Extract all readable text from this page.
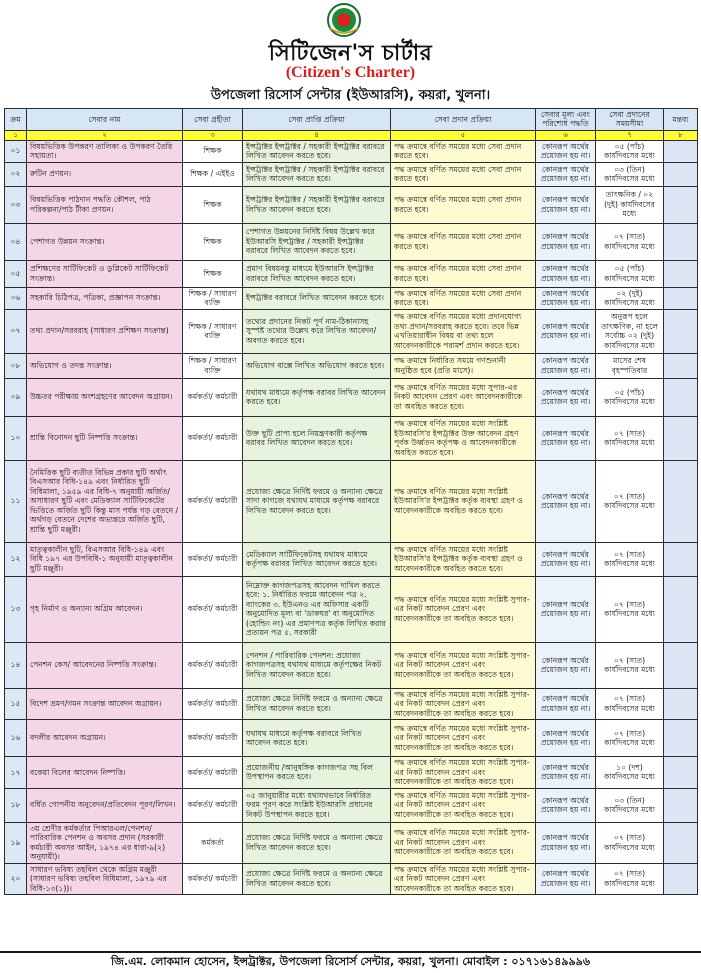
সিটিজেন'স চার্টার
(Citizen's Charter)
উপজেলা রিসোর্স সেন্টার (ইউআরসি), কয়রা, খুলনা।
ক্রম	সেবার নাম	সেবা গ্রহীতা	সেবা প্রাপ্তি প্রক্রিয়া	সেবা প্রদান প্রক্রিয়া	সেবার মূল্য এবং পরিশোধ পদ্ধতি	সেবা প্রদানের সময়সীমা	মন্তব্য
১	২	৩	৪	৫	৬	৭	৮
০১	বিষয়ভিত্তিক উপকরণ তালিকা ও উপকরণ তৈরি সহায়তা।	শিক্ষক	ইন্সট্রাক্টর ইন্সট্রাক্টর / সহকারী ইন্সট্রাক্টর বরাবরে লিখিত আবেদন করতে হবে।	পদ্ধ ক্রমান্বে বর্ণিত সময়ের মধ্যে সেবা প্রদান করতে হবে।	কোনরূপ অর্থের প্রয়োজন হয় না।	০৫ (পাঁচ) কার্যদিবসের মধ্যে	
০২	রুটিন প্রণয়ন।	শিক্ষক / এইইও	ইন্সট্রাক্টর ইন্সট্রাক্টর / সহকারী ইন্সট্রাক্টর বরাবরে লিখিত আবেদন করতে হবে।	পদ্ধ ক্রমান্বে বর্ণিত সময়ের মধ্যে সেবা প্রদান করতে হবে।	কোনরূপ অর্থের প্রয়োজন হয় না।	০৩ (তিন) কার্যদিবসের মধ্যে	
০৩	বিষয়ভিত্তিক পাঠদান পদ্ধতি কৌশল, পাঠ পরিকল্পনা/পাঠ টীকা প্রণয়ন।	শিক্ষক	ইন্সট্রাক্টর ইন্সট্রাক্টর / সহকারী ইন্সট্রাক্টর বরাবরে লিখিত আবেদন করতে হবে।	পদ্ধ ক্রমান্বে বর্ণিত সময়ের মধ্যে সেবা প্রদান করতে হবে।	কোনরূপ অর্থের প্রয়োজন হয় না।	তাৎক্ষনিক / ০২ (দুই) কার্যদিবসের মধ্যে	
০৪	পেশাগত উন্নয়ন সংক্রান্ত।	শিক্ষক	পেশাগত উন্নয়নের নির্দিষ্ট বিষয় উল্লেখ করে ইউআরসি ইন্সট্রাক্টর / সহকারী ইন্সট্রাক্টর বরাবরে লিখিত আবেদন করতে হবে।	পদ্ধ ক্রমান্বে বর্ণিত সময়ের মধ্যে সেবা প্রদান করতে হবে।	কোনরূপ অর্থের প্রয়োজন হয় না।	০৭ (সাত) কার্যদিবসের মধ্যে	
০৫	প্রশিক্ষণের সার্টিফিকেট ও ডুপ্লিকেট সার্টিফিকেট সংক্রান্ত।	শিক্ষক	প্রমাণ বিষয়বস্তু মাধ্যমে ইউআরসি ইন্সট্রাক্টর বরাবরে লিখিত আবেদন করতে হবে।	পদ্ধ ক্রমান্বে বর্ণিত সময়ের মধ্যে সেবা প্রদান করতে হবে।	কোনরূপ অর্থের প্রয়োজন হয় না।	০৫ (পাঁচ) কার্যদিবসের মধ্যে	
০৬	সহকারি চিঠিপত্র, পত্রিকা, প্রজ্ঞাপন সংক্রান্ত।	শিক্ষক / সাধারণ ব্যক্তি	ইন্সট্রাক্টর বরাবরে লিখিত আবেদন করতে হবে।	পদ্ধ ক্রমান্বে বর্ণিত সময়ের মধ্যে সেবা প্রদান করতে হবে।	কোনরূপ অর্থের প্রয়োজন হয় না।	০২ (দুই) কার্যদিবসের মধ্যে	
০৭	তথ্য প্রদান/সরবরাহ (সাধারণ প্রশিক্ষণ সংক্রান্ত)	শিক্ষক / সাধারণ ব্যক্তি	তথ্যের প্রদানের নিকট পূর্ণ নাম-ঠিকানাসহ সুস্পষ্ট তথ্যের উল্লেখ করে লিখিত আবেদন/অবগত করতে হবে।	পদ্ধ ক্রমান্বে বর্ণিত সময়ের মধ্যে প্রদানযোগ্য তথ্য প্রদান/সরবরাহ করতে হবে। তবে ভিন্ন এখতিয়ারাধীন বিষয় বা তথ্য হলে আবেদনকারীকে পরামর্শ প্রদান করতে হবে।	কোনরূপ অর্থের প্রয়োজন হয় না।	অনুরূপ হলে তাৎক্ষণিক, না হলে সর্বোচ্চ ০২ (দুই) কার্যদিবসের মধ্যে	
০৮	অভিযোগ ও তদন্ত সংক্রান্ত।	শিক্ষক / সাধারণ ব্যক্তি	অভিযোগ বাক্সে লিখিত অভিযোগ করতে হবে।	পদ্ধ ক্রমান্বে নির্ধারিত সময়ে গণশুনানী অনুষ্ঠিত হবে (প্রতি মাসে)।	কোনরূপ অর্থের প্রয়োজন হয় না।	মাসের শেষ বৃহস্পতিবার	
০৯	উচ্চতর পরীক্ষায় অংশগ্রহণের আবেদন অগ্রায়ন।	কর্মকর্তা/ কর্মচারী	যথাযথ মাধ্যমে কর্তৃপক্ষ বরাবর লিখিত আবেদন করতে হবে।	পদ্ধ ক্রমান্বে বর্ণিত সময়ের মধ্যে সুপার-এর নিকট আবেদন প্রেরণ এবং আবেদনকারীকে তা অবহিত করতে হবে।	কোনরূপ অর্থের প্রয়োজন হয় না।	০৫ (পাঁচ) কার্যদিবসের মধ্যে	
১০	শ্রান্তি বিনোদন ছুটি নিষ্পত্তি সংক্রান্ত।	কর্মকর্তা/ কর্মচারী	উক্ত ছুটি প্রাপ্য হলে নিয়ন্ত্রণকারী কর্তৃপক্ষ বরাবর লিখিত আবেদন করতে হবে।	পদ্ধ ক্রমান্বে বর্ণিত সময়ের মধ্যে সংশ্লিষ্ট ইউআরসি'র ইন্সট্রাক্টর উক্ত আবেদন গ্রহণ পূর্বক উর্ধ্বতন কর্তৃপক্ষ ও আবেদনকারীকে অবহিত করতে হবে।	কোনরূপ অর্থের প্রয়োজন হয় না।	০৭ (সাত) কার্যদিবসের মধ্যে	
১১	নৈমিত্তিক ছুটি ব্যতীত বিভিন্ন প্রকার ছুটি অর্থাৎ বিএসআর বিধি-১৪৯ এবং নির্ধারিত ছুটি বিধিমালা, ১৯৫৯ এর বিধি-৭ অনুযায়ী অর্জিত/ অসাধারণ ছুটি এবং মেডিক্যাল সার্টিফিকেটের ভিত্তিতে অর্জিত ছুটি কিন্তু মাস পর্যন্ত গড় বেতনে /অর্থগড় বেতনে দেশের অভ্যন্তরে অর্জিত ছুটি, শ্রান্তি ছুটি মঞ্জুরী।	কর্মকর্তা/ কর্মচারী	প্রযোজ্য ক্ষেত্রে নির্দিষ্ট ফরমে ও অন্যান্য ক্ষেত্রে সাদা কাগজে যথাযথ মাধ্যমে কর্তৃপক্ষ বরাবরে লিখিত আবেদন করতে হবে।	পদ্ধ ক্রমান্বে বর্ণিত সময়ের মধ্যে সংশ্লিষ্ট ইউআরসি'র ইন্সট্রাক্টর কর্তৃক ব্যবস্থা গ্রহণ ও আবেদনকারীকে অবহিত করতে হবে।	কোনরূপ অর্থের প্রয়োজন হয় না।	০৭ (সাত) কার্যদিবসের মধ্যে	
১২	মাতৃত্বকালীন ছুটি, বিএসআর বিধি-১৪৯ এবং বিধি ১৯৭ এর উপবিধি-১ অনুযায়ী মাতৃত্বকালীন ছুটি মঞ্জুরী।	কর্মকর্তা/ কর্মচারী	মেডিক্যাল সার্টিফিকেটসহ যথাযথ মাধ্যমে কর্তৃপক্ষ বরাবর লিখিত আবেদন করতে হবে।	পদ্ধ ক্রমান্বে বর্ণিত সময়ের মধ্যে সংশ্লিষ্ট ইউআরসি'র ইন্সট্রাক্টর কর্তৃক ব্যবস্থা গ্রহণ ও আবেদনকারীকে অবহিত করতে হবে।	কোনরূপ অর্থের প্রয়োজন হয় না।	০৭ (সাত) কার্যদিবসের মধ্যে	
১৩	গৃহ নির্মাণ ও অন্যান্য অগ্রিম আবেদন।	কর্মকর্তা/ কর্মচারী	নিম্নোক্ত কাগজপত্রসহ আবেদন দাখিল করতে হবে: ১. নির্ধারিত ফরমে আবেদন পত্র ২. ব্যাংকের ৩. ইউএনও এর অফিসার একটি অনুমোদিত মূল্য বা 'ডাকঘর' বা অনুমোদিত (হোল্ডিং নং) এর প্রমাণপত্র কর্তৃক লিখিত করার প্রত্যয়ন পত্র ৫. সরকারী	পদ্ধ ক্রমান্বে বর্ণিত সময়ের মধ্যে সংশ্লিষ্ট সুপার-এর নিকট আবেদন প্রেরণ এবং আবেদনকারীকে তা অবহিত করতে হবে।	কোনরূপ অর্থের প্রয়োজন হয় না।	০৭ (সাত) কার্যদিবসের মধ্যে	
১৪	পেনশন কেস/ আবেদনের নিষ্পত্তি সংক্রান্ত।	কর্মকর্তা/ কর্মচারী	পেনশন / পারিবারিক পেনশন: প্রযোজ্য কাগজপত্রসহ যথাযথ মাধ্যমে কর্তৃপক্ষের নিকট লিখিত আবেদন করতে হবে।	পদ্ধ ক্রমান্বে বর্ণিত সময়ের মধ্যে সংশ্লিষ্ট সুপার-এর নিকট আবেদন প্রেরণ এবং আবেদনকারীকে তা অবহিত করতে হবে।	কোনরূপ অর্থের প্রয়োজন হয় না।	০৭ (সাত) কার্যদিবসের মধ্যে	
১৫	বিদেশ ভ্রমণ/গমন সংক্রান্ত আবেদন অগ্রায়ন।	কর্মকর্তা/ কর্মচারী	প্রযোজ্য ক্ষেত্রে নির্দিষ্ট ফরমে ও অন্যান্য ক্ষেত্রে লিখিত আবেদন করতে হবে।	পদ্ধ ক্রমান্বে বর্ণিত সময়ের মধ্যে সংশ্লিষ্ট সুপার-এর নিকট আবেদন প্রেরণ এবং আবেদনকারীকে তা অবহিত করতে হবে।	কোনরূপ অর্থের প্রয়োজন হয় না।	০৭ (সাত) কার্যদিবসের মধ্যে	
১৬	বদলীর আবেদন অগ্রায়ন।	কর্মকর্তা/ কর্মচারী	যথাযথ মাধ্যমে কর্তৃপক্ষ বরাবরে লিখিত আবেদন করতে হবে।	পদ্ধ ক্রমান্বে বর্ণিত সময়ের মধ্যে সংশ্লিষ্ট সুপার-এর নিকট আবেদন প্রেরণ এবং আবেদনকারীকে তা অবহিত করতে হবে।	কোনরূপ অর্থের প্রয়োজন হয় না।	০৭ (সাত) কার্যদিবসের মধ্যে	
১৭	বকেয়া বিলের আবেদন নিষ্পত্তি।	কর্মকর্তা/ কর্মচারী	প্রয়োজনীয় /আনুষঙ্গিক কাগজপত্র সহ বিল উপস্থাপন করতে হবে।	পদ্ধ ক্রমান্বে বর্ণিত সময়ের মধ্যে সংশ্লিষ্ট সুপার-এর নিকট আবেদন প্রেরণ এবং আবেদনকারীকে তা অবহিত করতে হবে।	কোনরূপ অর্থের প্রয়োজন হয় না।	১০ (দশ) কার্যদিবসের মধ্যে	
১৮	বর্ধিত গোপনীয় অনুবেদন/প্রতিবেদন পূরণ/লিখন।	কর্মকর্তা/ কর্মচারী	০৫ জানুয়ারীর মধ্যে যথাযথভাবে নির্ধারিত ফরম পূরণ করে সংশ্লিষ্ট ইউআরসি প্রধানের নিকট উপস্থাপন করতে হবে।	পদ্ধ ক্রমান্বে বর্ণিত সময়ের মধ্যে সংশ্লিষ্ট সুপার-এর নিকট আবেদন প্রেরণ এবং আবেদনকারীকে তা অবহিত করতে হবে।	কোনরূপ অর্থের প্রয়োজন হয় না।	০৩ (তিন) কার্যদিবসের মধ্যে	
১৯	৩য় শ্রেণীর কর্মকর্তার পিআরএল/পেনশন/পারিবারিক পেনশন ও অবসর প্রদান (সরকারী কর্মচারী অবসর আইন, ১৯৭৪ এর ধারা-৯(২) অনুযায়ী)।	কর্মকর্তা	প্রযোজ্য ক্ষেত্রে নির্দিষ্ট ফরমে ও অন্যান্য ক্ষেত্রে লিখিত আবেদন করতে হবে।	পদ্ধ ক্রমান্বে বর্ণিত সময়ের মধ্যে সংশ্লিষ্ট সুপার-এর নিকট আবেদন প্রেরণ এবং আবেদনকারীকে তা অবহিত করতে হবে।	কোনরূপ অর্থের প্রয়োজন হয় না।	০৭ (সাত) কার্যদিবসের মধ্যে	
২০	সাধারণ ভবিষ্য তহবিল থেকে অগ্রিম মঞ্জুরী (সাধারণ ভবিষ্য তহবিল বিধিমালা, ১৯৭৯ এর বিধি-১৩(১))।	কর্মকর্তা/ কর্মচারী	প্রযোজ্য ক্ষেত্রে নির্দিষ্ট ফরমে ও অন্যান্য ক্ষেত্রে লিখিত আবেদন করতে হবে।	পদ্ধ ক্রমান্বে বর্ণিত সময়ের মধ্যে সংশ্লিষ্ট সুপার-এর নিকট আবেদন প্রেরণ এবং আবেদনকারীকে তা অবহিত করতে হবে।	কোনরূপ অর্থের প্রয়োজন হয় না।	০৭ (সাত) কার্যদিবসের মধ্যে	
জি.এম. লোকমান হোসেন, ইন্সট্রাক্টর, উপজেলা রিসোর্স সেন্টার, কয়রা, খুলনা। মোবাইল : ০১৭১৬১৪৯৯৯৬
